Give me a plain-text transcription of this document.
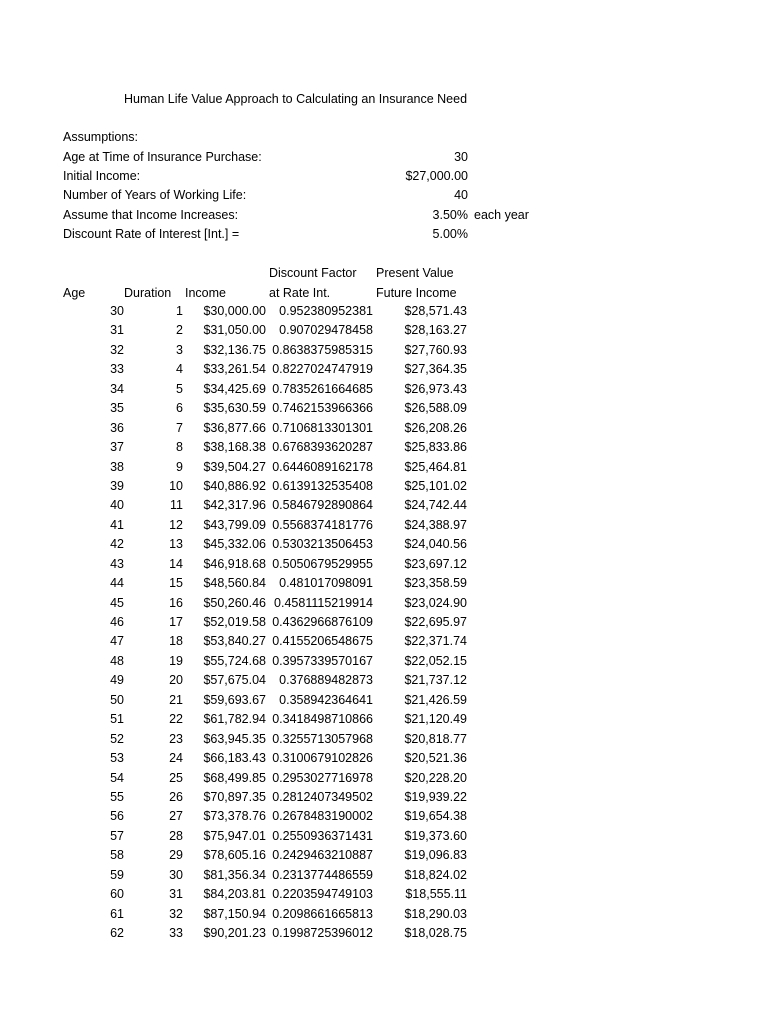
Human Life Value Approach to Calculating an Insurance Need
Assumptions:
Age at Time of Insurance Purchase:	30
Initial Income:	$27,000.00
Number of Years of Working Life:	40
Assume that Income Increases:	3.50% each year
Discount Rate of Interest [Int.] =	5.00%
Discount Factor Present Value
Age	Duration Income	at Rate Int.	Future Income
30	1 $30,000.00 0.952380952381	$28,571.43
31	2 $31,050.00 0.907029478458	$28,163.27
32	3 $32,136.75 0.8638375985315	$27,760.93
33	4 $33,261.54 0.8227024747919	$27,364.35
34	5 $34,425.69 0.7835261664685	$26,973.43
35	6 $35,630.59 0.7462153966366	$26,588.09
36	7 $36,877.66 0.7106813301301	$26,208.26
37	8 $38,168.38 0.6768393620287	$25,833.86
38	9 $39,504.27 0.6446089162178	$25,464.81
39	10 $40,886.92 0.6139132535408	$25,101.02
40	11 $42,317.96 0.5846792890864	$24,742.44
41	12 $43,799.09 0.5568374181776	$24,388.97
42	13 $45,332.06 0.5303213506453	$24,040.56
43	14 $46,918.68 0.5050679529955	$23,697.12
44	15 $48,560.84 0.481017098091	$23,358.59
45	16 $50,260.46 0.4581115219914	$23,024.90
46	17 $52,019.58 0.4362966876109	$22,695.97
47	18 $53,840.27 0.4155206548675	$22,371.74
48	19 $55,724.68 0.3957339570167	$22,052.15
49	20 $57,675.04 0.376889482873	$21,737.12
50	21 $59,693.67 0.358942364641	$21,426.59
51	22 $61,782.94 0.3418498710866	$21,120.49
52	23 $63,945.35 0.3255713057968	$20,818.77
53	24 $66,183.43 0.3100679102826	$20,521.36
54	25 $68,499.85 0.2953027716978	$20,228.20
55	26 $70,897.35 0.2812407349502	$19,939.22
56	27 $73,378.76 0.2678483190002	$19,654.38
57	28 $75,947.01 0.2550936371431	$19,373.60
58	29 $78,605.16 0.2429463210887	$19,096.83
59	30 $81,356.34 0.2313774486559	$18,824.02
60	31 $84,203.81 0.2203594749103	$18,555.11
61	32 $87,150.94 0.2098661665813	$18,290.03
62	33 $90,201.23 0.1998725396012	$18,028.75
